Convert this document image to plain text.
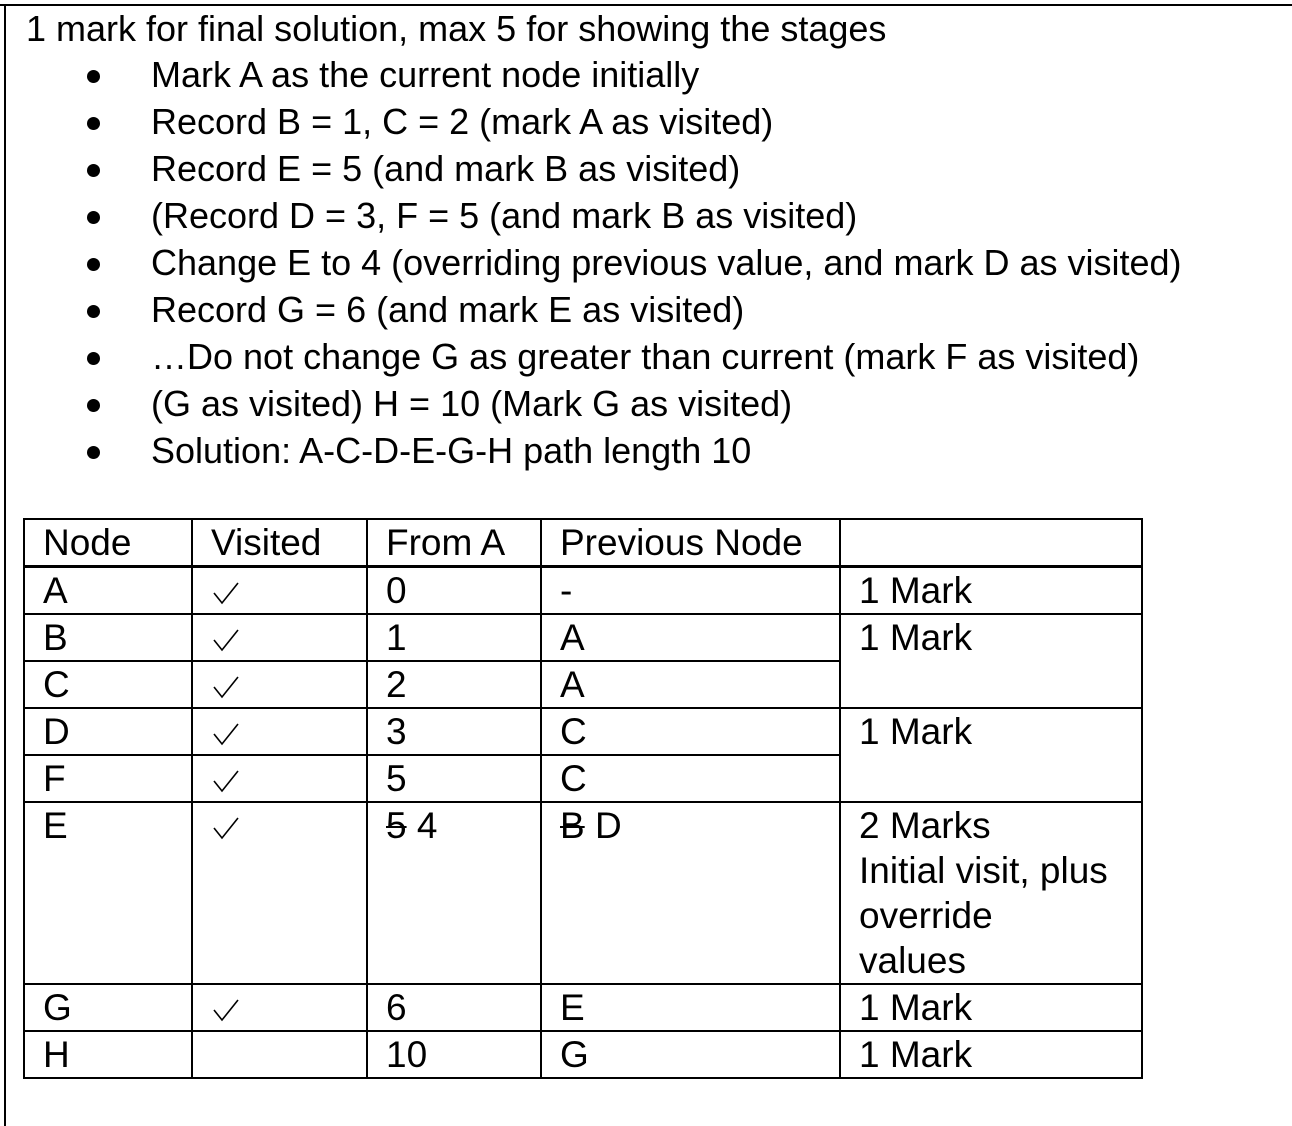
1 mark for final solution, max 5 for showing the stages

Mark A as the current node initially
Record B = 1, C = 2 (mark A as visited)
Record E = 5 (and mark B as visited)
(Record D = 3, F = 5 (and mark B as visited)
Change E to 4 (overriding previous value, and mark D as visited)
Record G = 6 (and mark E as visited)
…Do not change G as greater than current (mark F as visited)
(G as visited) H = 10 (Mark G as visited)
Solution: A-C-D-E-G-H path length 10
Node	Visited	From A	Previous Node	
A		0	-	1 Mark
B		1	A	1 Mark
C		2	A	
D		3	C	1 Mark
F		5	C	
E		5 4	B D	2 Marks
Initial visit, plus
override
values

G		6	E	1 Mark
H		10	G	1 Mark
